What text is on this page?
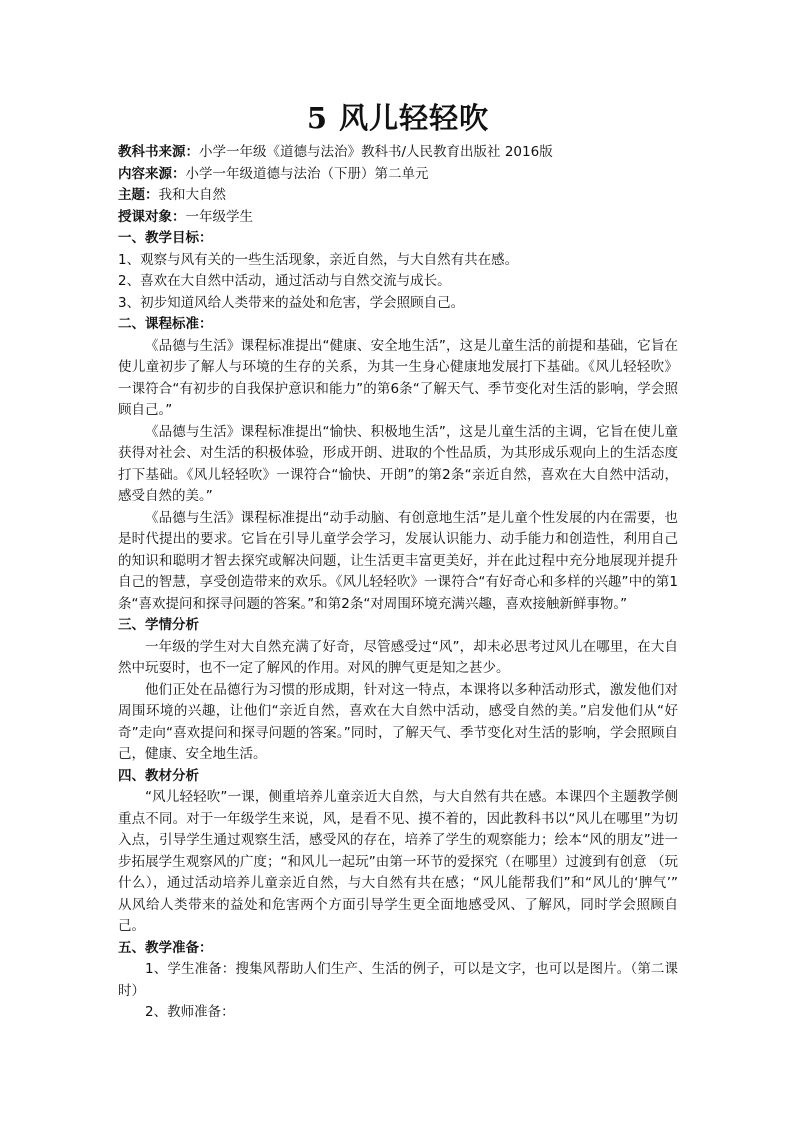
5 风儿轻轻吹

教科书来源：小学一年级《道德与法治》教科书/人民教育出版社 2016版

内容来源：小学一年级道德与法治（下册）第二单元

主题：我和大自然

授课对象：一年级学生

一、教学目标：

1、观察与风有关的一些生活现象，亲近自然，与大自然有共在感。

2、喜欢在大自然中活动，通过活动与自然交流与成长。

3、初步知道风给人类带来的益处和危害，学会照顾自己。

二、课程标准：

《品德与生活》课程标准提出“健康、安全地生活”，这是儿童生活的前提和基础，它旨在使儿童初步了解人与环境的生存的关系，为其一生身心健康地发展打下基础。《风儿轻轻吹》一课符合“有初步的自我保护意识和能力”的第6条“了解天气、季节变化对生活的影响，学会照顾自己。”

《品德与生活》课程标准提出“愉快、积极地生活”，这是儿童生活的主调，它旨在使儿童获得对社会、对生活的积极体验，形成开朗、进取的个性品质，为其形成乐观向上的生活态度打下基础。《风儿轻轻吹》一课符合“愉快、开朗”的第2条“亲近自然，喜欢在大自然中活动，感受自然的美。”

《品德与生活》课程标准提出“动手动脑、有创意地生活”是儿童个性发展的内在需要，也是时代提出的要求。它旨在引导儿童学会学习，发展认识能力、动手能力和创造性，利用自己的知识和聪明才智去探究或解决问题，让生活更丰富更美好，并在此过程中充分地展现并提升自己的智慧，享受创造带来的欢乐。《风儿轻轻吹》一课符合“有好奇心和多样的兴趣”中的第1条“喜欢提问和探寻问题的答案。”和第2条“对周围环境充满兴趣，喜欢接触新鲜事物。”

三、学情分析

一年级的学生对大自然充满了好奇，尽管感受过“风”，却未必思考过风儿在哪里，在大自然中玩耍时，也不一定了解风的作用。对风的脾气更是知之甚少。

他们正处在品德行为习惯的形成期，针对这一特点，本课将以多种活动形式，激发他们对周围环境的兴趣，让他们“亲近自然，喜欢在大自然中活动，感受自然的美。”启发他们从“好奇”走向“喜欢提问和探寻问题的答案。”同时，了解天气、季节变化对生活的影响，学会照顾自己，健康、安全地生活。

四、教材分析

“风儿轻轻吹”一课，侧重培养儿童亲近大自然，与大自然有共在感。本课四个主题教学侧重点不同。对于一年级学生来说，风，是看不见、摸不着的，因此教科书以“风儿在哪里”为切入点，引导学生通过观察生活，感受风的存在，培养了学生的观察能力；绘本“风的朋友”进一步拓展学生观察风的广度；“和风儿一起玩”由第一环节的爱探究（在哪里）过渡到有创意 （玩什么），通过活动培养儿童亲近自然，与大自然有共在感；“风儿能帮我们”和“风儿的‘脾气’” 从风给人类带来的益处和危害两个方面引导学生更全面地感受风、了解风，同时学会照顾自己。

五、教学准备：

1、学生准备：搜集风帮助人们生产、生活的例子，可以是文字，也可以是图片。（第二课时）

2、教师准备：
